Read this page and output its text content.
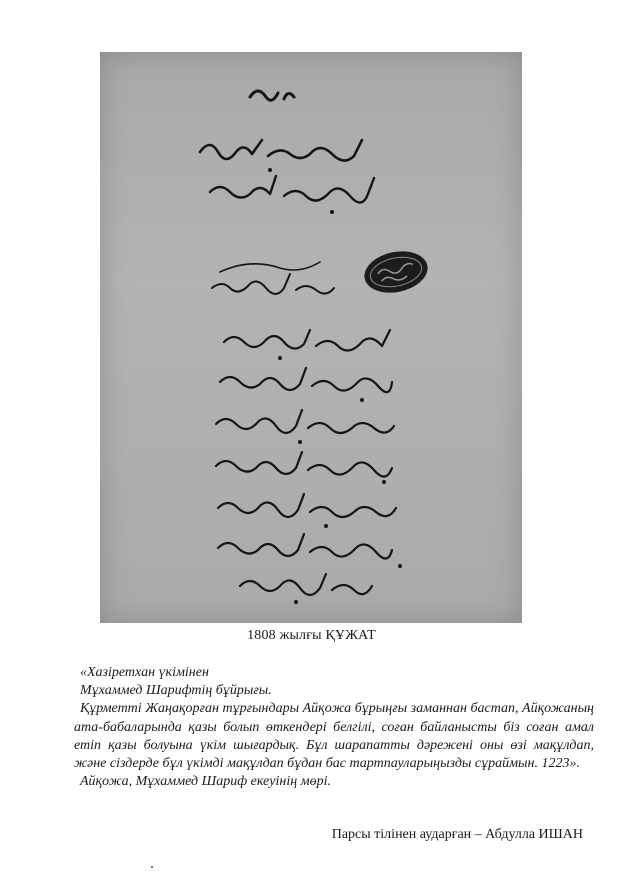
1808 жылғы ҚҰЖАТ

«Хазіретхан үкімінен

Мұхаммед Шарифтің бұйрығы.

Құрметті Жаңақорған тұрғындары Айқожа бұрыңғы заманнан бастап, Айқожаның ата-бабаларында қазы болып өткендері белгілі, соған байланысты біз соған амал етіп қазы болуына үкім шығардық. Бұл шарапатты дәрежені оны өзі мақұлдап, және сіздерде бұл үкімді мақұлдап бұдан бас тартпауларыңызды сұраймын. 1223».

Айқожа, Мұхаммед Шариф екеуінің мөрі.

Парсы тілінен аударған – Абдулла ИШАН
